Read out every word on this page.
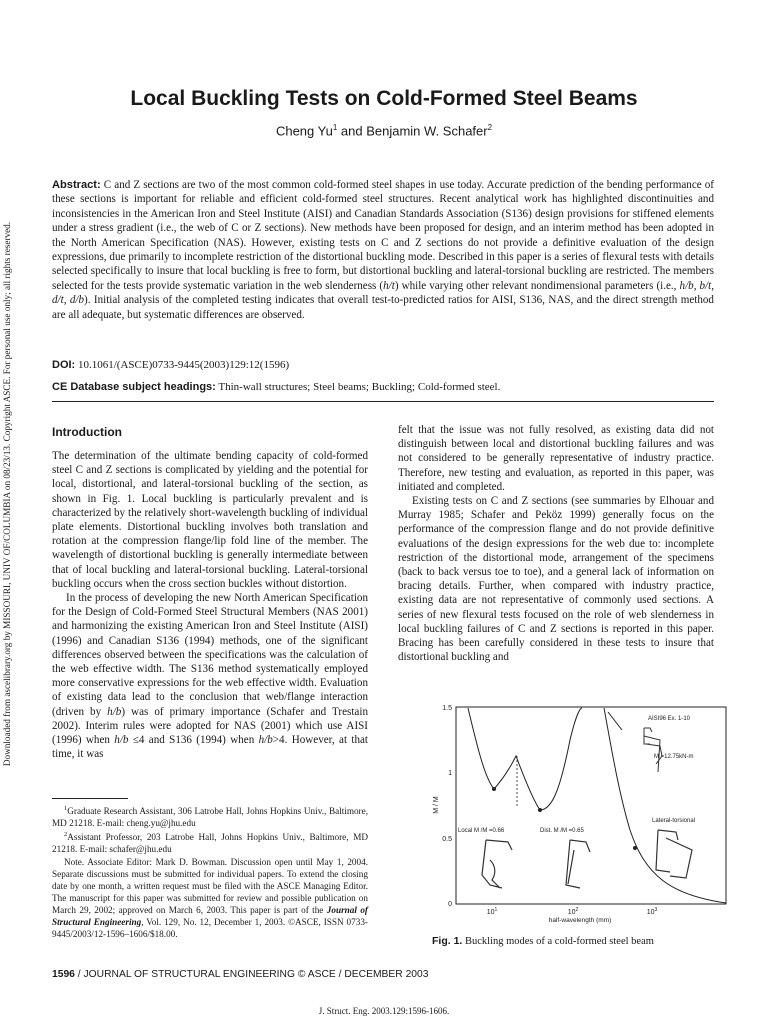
Downloaded from ascelibrary.org by MISSOURI, UNIV OF/COLUMBIA on 08/23/13. Copyright ASCE. For personal use only; all rights reserved.
Local Buckling Tests on Cold-Formed Steel Beams
Cheng Yu$^1$ and Benjamin W. Schafer$^2$
Abstract: C and Z sections are two of the most common cold-formed steel shapes in use today. Accurate prediction of the bending performance of these sections is important for reliable and efficient cold-formed steel structures. Recent analytical work has highlighted discontinuities and inconsistencies in the American Iron and Steel Institute (AISI) and Canadian Standards Association (S136) design provisions for stiffened elements under a stress gradient (i.e., the web of C or Z sections). New methods have been proposed for design, and an interim method has been adopted in the North American Specification (NAS). However, existing tests on C and Z sections do not provide a definitive evaluation of the design expressions, due primarily to incomplete restriction of the distortional buckling mode. Described in this paper is a series of flexural tests with details selected specifically to insure that local buckling is free to form, but distortional buckling and lateral-torsional buckling are restricted. The members selected for the tests provide systematic variation in the web slenderness (h/t) while varying other relevant nondimensional parameters (i.e., h/b, b/t, d/t, d/b). Initial analysis of the completed testing indicates that overall test-to-predicted ratios for AISI, S136, NAS, and the direct strength method are all adequate, but systematic differences are observed.
DOI: 10.1061/(ASCE)0733-9445(2003)129:12(1596)
CE Database subject headings: Thin-wall structures; Steel beams; Buckling; Cold-formed steel.
Introduction

The determination of the ultimate bending capacity of cold-formed steel C and Z sections is complicated by yielding and the potential for local, distortional, and lateral-torsional buckling of the section, as shown in Fig. 1. Local buckling is particularly prevalent and is characterized by the relatively short-wavelength buckling of individual plate elements. Distortional buckling involves both translation and rotation at the compression flange/lip fold line of the member. The wavelength of distortional buckling is generally intermediate between that of local buckling and lateral-torsional buckling. Lateral-torsional buckling occurs when the cross section buckles without distortion.

In the process of developing the new North American Specification for the Design of Cold-Formed Steel Structural Members (NAS 2001) and harmonizing the existing American Iron and Steel Institute (AISI) (1996) and Canadian S136 (1994) methods, one of the significant differences observed between the specifications was the calculation of the web effective width. The S136 method systematically employed more conservative expressions for the web effective width. Evaluation of existing data lead to the conclusion that web/flange interaction (driven by h/b) was of primary importance (Schafer and Trestain 2002). Interim rules were adopted for NAS (2001) which use AISI (1996) when h/b ≤4 and S136 (1994) when h/b>4. However, at that time, it was

felt that the issue was not fully resolved, as existing data did not distinguish between local and distortional buckling failures and was not considered to be generally representative of industry practice. Therefore, new testing and evaluation, as reported in this paper, was initiated and completed.

Existing tests on C and Z sections (see summaries by Elhouar and Murray 1985; Schafer and Peköz 1999) generally focus on the performance of the compression flange and do not provide definitive evaluations of the design expressions for the web due to: incomplete restriction of the distortional mode, arrangement of the specimens (back to back versus toe to toe), and a general lack of information on bracing details. Further, when compared with industry practice, existing data are not representative of commonly used sections. A series of new flexural tests focused on the role of web slenderness in local buckling failures of C and Z sections is reported in this paper. Bracing has been carefully considered in these tests to insure that distortional buckling and

$^1$Graduate Research Assistant, 306 Latrobe Hall, Johns Hopkins Univ., Baltimore, MD 21218. E-mail: cheng.yu@jhu.edu

$^2$Assistant Professor, 203 Latrobe Hall, Johns Hopkins Univ., Baltimore, MD 21218. E-mail: schafer@jhu.edu

Note. Associate Editor: Mark D. Bowman. Discussion open until May 1, 2004. Separate discussions must be submitted for individual papers. To extend the closing date by one month, a written request must be filed with the ASCE Managing Editor. The manuscript for this paper was submitted for review and possible publication on March 29, 2002; approved on March 6, 2003. This paper is part of the Journal of Structural Engineering, Vol. 129, No. 12, December 1, 2003. ©ASCE, ISSN 0733-9445/2003/12-1596–1606/$18.00.

1.5
1
0.5
0
$10^1$	$10^2$	$10^3$
M / M
half-wavelength (mm)
AISI96 Ex. 1-10
M =12.75kN-m
Lateral-torsional
Local M /M =0.66	Dist. M /M =0.65
Fig. 1. Buckling modes of a cold-formed steel beam
1596 / JOURNAL OF STRUCTURAL ENGINEERING © ASCE / DECEMBER 2003
J. Struct. Eng. 2003.129:1596-1606.
